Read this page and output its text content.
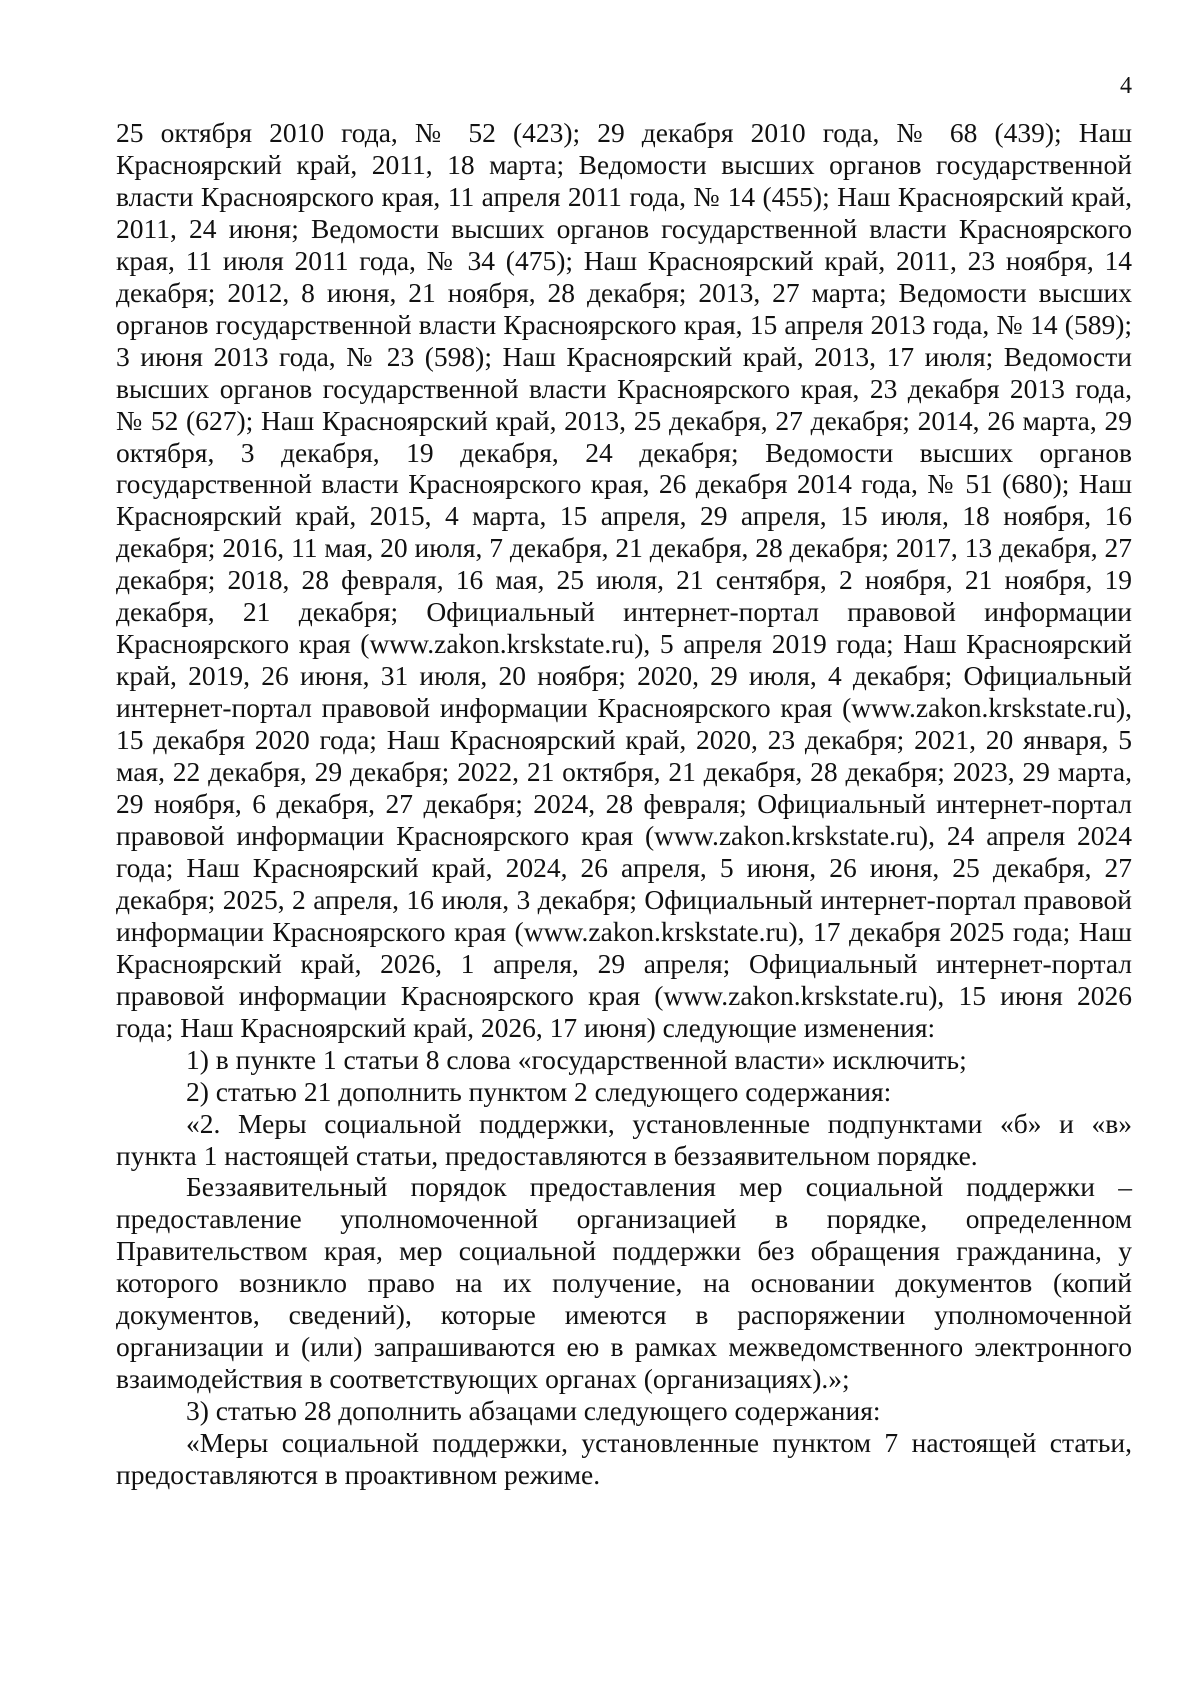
4

25 октября 2010 года, № 52 (423); 29 декабря 2010 года, № 68 (439); Наш Красноярский край, 2011, 18 марта; Ведомости высших органов государственной власти Красноярского края, 11 апреля 2011 года, № 14 (455); Наш Красноярский край, 2011, 24 июня; Ведомости высших органов государственной власти Красноярского края, 11 июля 2011 года, № 34 (475); Наш Красноярский край, 2011, 23 ноября, 14 декабря; 2012, 8 июня, 21 ноября, 28 декабря; 2013, 27 марта; Ведомости высших органов государственной власти Красноярского края, 15 апреля 2013 года, № 14 (589); 3 июня 2013 года, № 23 (598); Наш Красноярский край, 2013, 17 июля; Ведомости высших органов государственной власти Красноярского края, 23 декабря 2013 года, № 52 (627); Наш Красноярский край, 2013, 25 декабря, 27 декабря; 2014, 26 марта, 29 октября, 3 декабря, 19 декабря, 24 декабря; Ведомости высших органов государственной власти Красноярского края, 26 декабря 2014 года, № 51 (680); Наш Красноярский край, 2015, 4 марта, 15 апреля, 29 апреля, 15 июля, 18 ноября, 16 декабря; 2016, 11 мая, 20 июля, 7 декабря, 21 декабря, 28 декабря; 2017, 13 декабря, 27 декабря; 2018, 28 февраля, 16 мая, 25 июля, 21 сентября, 2 ноября, 21 ноября, 19 декабря, 21 декабря; Официальный интернет-портал правовой информации Красноярского края (www.zakon.krskstate.ru), 5 апреля 2019 года; Наш Красноярский край, 2019, 26 июня, 31 июля, 20 ноября; 2020, 29 июля, 4 декабря; Официальный интернет-портал правовой информации Красноярского края (www.zakon.krskstate.ru), 15 декабря 2020 года; Наш Красноярский край, 2020, 23 декабря; 2021, 20 января, 5 мая, 22 декабря, 29 декабря; 2022, 21 октября, 21 декабря, 28 декабря; 2023, 29 марта, 29 ноября, 6 декабря, 27 декабря; 2024, 28 февраля; Официальный интернет-портал правовой информации Красноярского края (www.zakon.krskstate.ru), 24 апреля 2024 года; Наш Красноярский край, 2024, 26 апреля, 5 июня, 26 июня, 25 декабря, 27 декабря; 2025, 2 апреля, 16 июля, 3 декабря; Официальный интернет-портал правовой информации Красноярского края (www.zakon.krskstate.ru), 17 декабря 2025 года; Наш Красноярский край, 2026, 1 апреля, 29 апреля; Официальный интернет-портал правовой информации Красноярского края (www.zakon.krskstate.ru), 15 июня 2026 года; Наш Красноярский край, 2026, 17 июня) следующие изменения:

1) в пункте 1 статьи 8 слова «государственной власти» исключить;

2) статью 21 дополнить пунктом 2 следующего содержания:

«2. Меры социальной поддержки, установленные подпунктами «б» и «в» пункта 1 настоящей статьи, предоставляются в беззаявительном порядке.

Беззаявительный порядок предоставления мер социальной поддержки – предоставление уполномоченной организацией в порядке, определенном Правительством края, мер социальной поддержки без обращения гражданина, у которого возникло право на их получение, на основании документов (копий документов, сведений), которые имеются в распоряжении уполномоченной организации и (или) запрашиваются ею в рамках межведомственного электронного взаимодействия в соответствующих органах (организациях).»;

3) статью 28 дополнить абзацами следующего содержания:

«Меры социальной поддержки, установленные пунктом 7 настоящей статьи, предоставляются в проактивном режиме.
